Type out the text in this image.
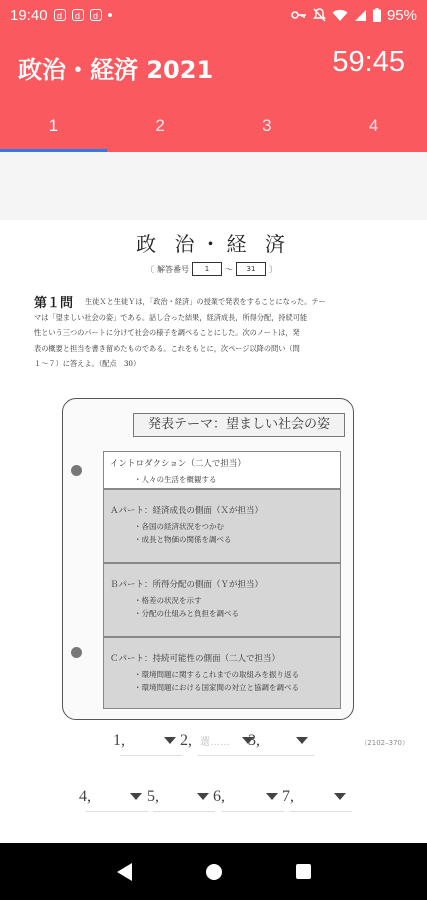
19:40	d	d	d	95%
政治・経済 2021	59:45
1	2	3	4
政 治・経 済
〔 解答番号	1	～	31	〕
第１問 生徒Ｘと生徒Ｙは，「政治・経済」の授業で発表をすることになった。テー
マは「望ましい社会の姿」である。話し合った結果，経済成長，所得分配，持続可能
性という三つのパートに分けて社会の様子を調べることにした。次のノートは，発
表の概要と担当を書き留めたものである。これをもとに，次ページ以降の問い（問
１～７）に答えよ。（配点　30）
発表テーマ：望ましい社会の姿
イントロダクション（二人で担当）
・人々の生活を概観する
Ａパート：経済成長の側面（Ｘが担当）
・各国の経済状況をつかむ
・成長と物価の関係を調べる
Ｂパート：所得分配の側面（Ｙが担当）
・格差の状況を示す
・分配の仕組みと負担を調べる
Ｃパート：持続可能性の側面（二人で担当）
・環境問題に関するこれまでの取組みを振り返る
・環境問題における国家間の対立と協調を調べる
（2102–370）
1,	2, 選…… 3,
4,	5,	6,	7,
